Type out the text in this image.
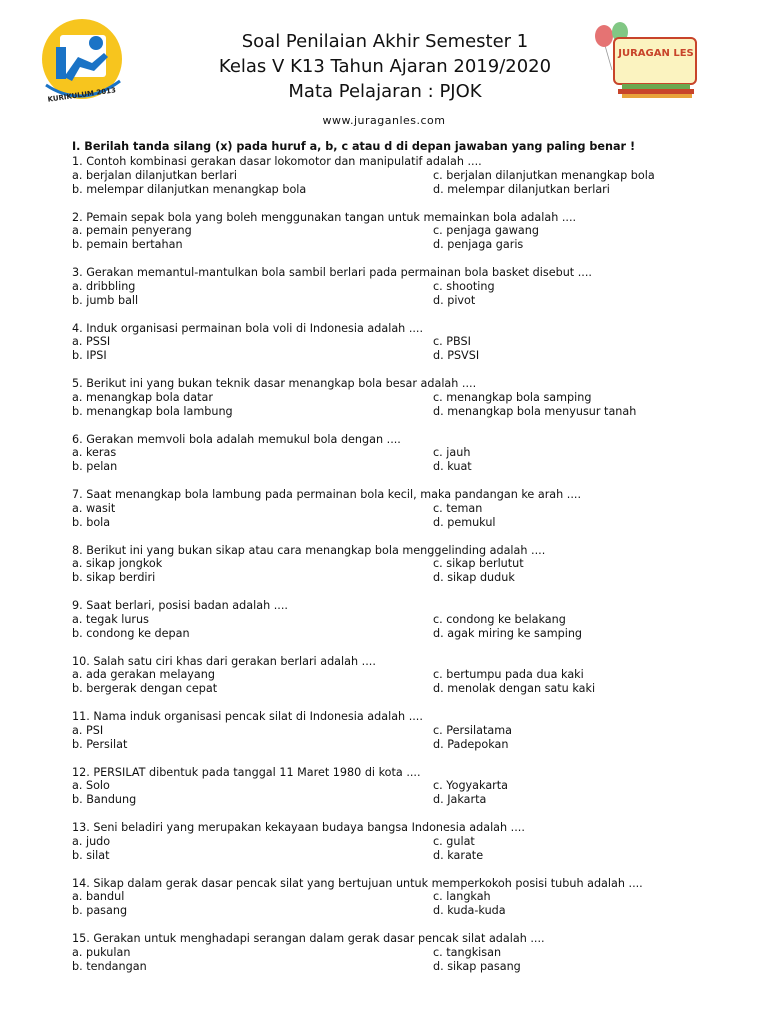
KURIKULUM 2013
Soal Penilaian Akhir Semester 1
Kelas V K13 Tahun Ajaran 2019/2020
Mata Pelajaran : PJOK
JURAGAN LES
www.juraganles.com
I. Berilah tanda silang (x) pada huruf a, b, c atau d di depan jawaban yang paling benar !
1. Contoh kombinasi gerakan dasar lokomotor dan manipulatif adalah ....
a. berjalan dilanjutkan berlari	c. berjalan dilanjutkan menangkap bola
b. melempar dilanjutkan menangkap bola	d. melempar dilanjutkan berlari
2. Pemain sepak bola yang boleh menggunakan tangan untuk memainkan bola adalah ....
a. pemain penyerang	c. penjaga gawang
b. pemain bertahan	d. penjaga garis
3. Gerakan memantul-mantulkan bola sambil berlari pada permainan bola basket disebut ....
a. dribbling	c. shooting
b. jumb ball	d. pivot
4. Induk organisasi permainan bola voli di Indonesia adalah ....
a. PSSI	c. PBSI
b. IPSI	d. PSVSI
5. Berikut ini yang bukan teknik dasar menangkap bola besar adalah ....
a. menangkap bola datar	c. menangkap bola samping
b. menangkap bola lambung	d. menangkap bola menyusur tanah
6. Gerakan memvoli bola adalah memukul bola dengan ....
a. keras	c. jauh
b. pelan	d. kuat
7. Saat menangkap bola lambung pada permainan bola kecil, maka pandangan ke arah ....
a. wasit	c. teman
b. bola	d. pemukul
8. Berikut ini yang bukan sikap atau cara menangkap bola menggelinding adalah ....
a. sikap jongkok	c. sikap berlutut
b. sikap berdiri	d. sikap duduk
9. Saat berlari, posisi badan adalah ....
a. tegak lurus	c. condong ke belakang
b. condong ke depan	d. agak miring ke samping
10. Salah satu ciri khas dari gerakan berlari adalah ....
a. ada gerakan melayang	c. bertumpu pada dua kaki
b. bergerak dengan cepat	d. menolak dengan satu kaki
11. Nama induk organisasi pencak silat di Indonesia adalah ....
a. PSI	c. Persilatama
b. Persilat	d. Padepokan
12. PERSILAT dibentuk pada tanggal 11 Maret 1980 di kota ....
a. Solo	c. Yogyakarta
b. Bandung	d. Jakarta
13. Seni beladiri yang merupakan kekayaan budaya bangsa Indonesia adalah ....
a. judo	c. gulat
b. silat	d. karate
14. Sikap dalam gerak dasar pencak silat yang bertujuan untuk memperkokoh posisi tubuh adalah ....
a. bandul	c. langkah
b. pasang	d. kuda-kuda
15. Gerakan untuk menghadapi serangan dalam gerak dasar pencak silat adalah ....
a. pukulan	c. tangkisan
b. tendangan	d. sikap pasang
